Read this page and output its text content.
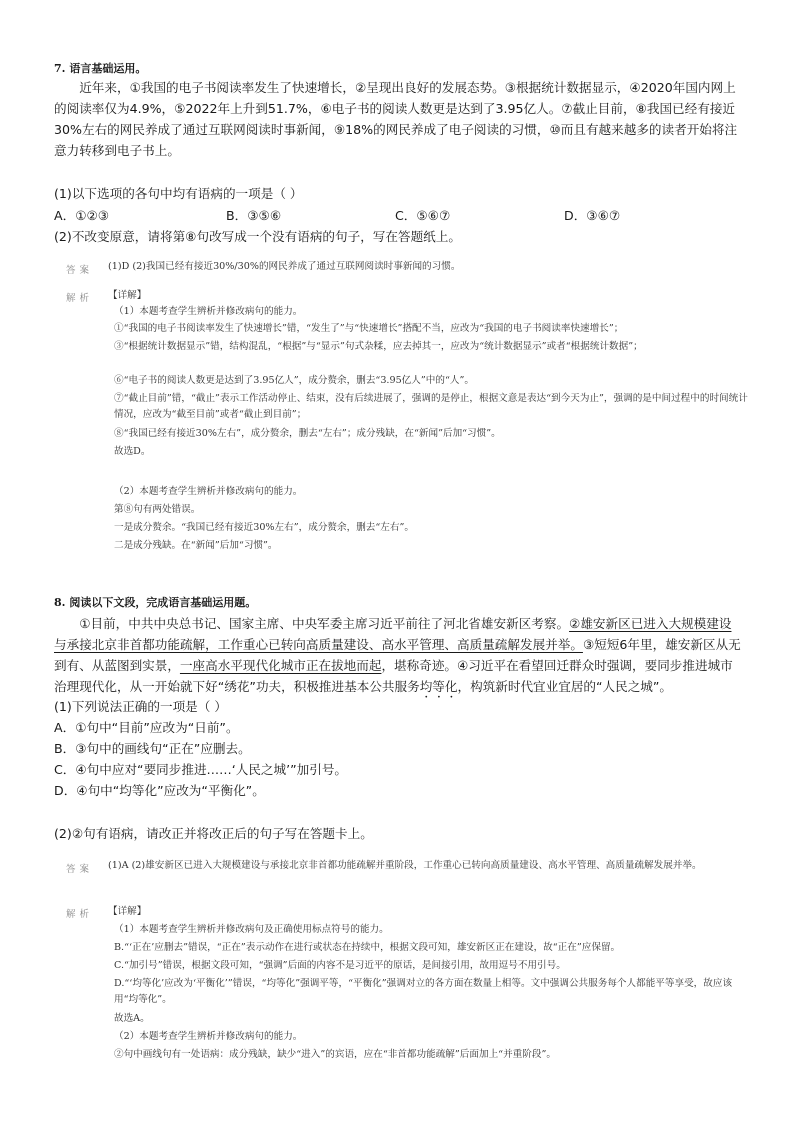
7. 语言基础运用。

近年来，①我国的电子书阅读率发生了快速增长，②呈现出良好的发展态势。③根据统计数据显示，④2020年国内网上的阅读率仅为4.9%，⑤2022年上升到51.7%，⑥电子书的阅读人数更是达到了3.95亿人。⑦截止目前，⑧我国已经有接近30%左右的网民养成了通过互联网阅读时事新闻，⑨18%的网民养成了电子阅读的习惯，⑩而且有越来越多的读者开始将注意力转移到电子书上。

(1)以下选项的各句中均有语病的一项是（ ）
A．①②③	B．③⑤⑥	C．⑤⑥⑦	D．③⑥⑦
(2)不改变原意，请将第⑧句改写成一个没有语病的句子，写在答题纸上。
答案 (1)D (2)我国已经有接近30%/30%的网民养成了通过互联网阅读时事新闻的习惯。
解析 【详解】

（1）本题考查学生辨析并修改病句的能力。

①“我国的电子书阅读率发生了快速增长”错，“发生了”与“快速增长”搭配不当，应改为“我国的电子书阅读率快速增长”；

③“根据统计数据显示”错，结构混乱，“根据”与“显示”句式杂糅，应去掉其一，应改为“统计数据显示”或者“根据统计数据”；

⑥“电子书的阅读人数更是达到了3.95亿人”，成分赘余，删去“3.95亿人”中的“人”。

⑦“截止目前”错，“截止”表示工作活动停止、结束，没有后续进展了，强调的是停止，根据文意是表达“到今天为止”，强调的是中间过程中的时间统计情况，应改为“截至目前”或者“截止到目前”；

⑧“我国已经有接近30%左右”，成分赘余，删去“左右”；成分残缺，在“新闻”后加“习惯”。

故选D。

（2）本题考查学生辨析并修改病句的能力。

第⑧句有两处错误。

一是成分赘余。“我国已经有接近30%左右”，成分赘余，删去“左右”。

二是成分残缺。在“新闻”后加“习惯”。

8. 阅读以下文段，完成语言基础运用题。

①目前，中共中央总书记、国家主席、中央军委主席习近平前往了河北省雄安新区考察。②雄安新区已进入大规模建设与承接北京非首都功能疏解，工作重心已转向高质量建设、高水平管理、高质量疏解发展并举。③短短6年里，雄安新区从无到有、从蓝图到实景，一座高水平现代化城市正在拔地而起，堪称奇迹。④习近平在看望回迁群众时强调，要同步推进城市治理现代化，从一开始就下好“绣花”功夫，积极推进基本公共服务均等化，构筑新时代宜业宜居的“人民之城”。

(1)下列说法正确的一项是（ ）
A．①句中“目前”应改为“日前”。
B．③句中的画线句“正在”应删去。
C．④句中应对“要同步推进……‘人民之城’”加引号。
D．④句中“均等化”应改为“平衡化”。
(2)②句有语病，请改正并将改正后的句子写在答题卡上。
答案 (1)A (2)雄安新区已进入大规模建设与承接北京非首都功能疏解并重阶段，工作重心已转向高质量建设、高水平管理、高质量疏解发展并举。
解析 【详解】

（1）本题考查学生辨析并修改病句及正确使用标点符号的能力。

B.“‘正在’应删去”错误，“正在”表示动作在进行或状态在持续中，根据文段可知，雄安新区正在建设，故“正在”应保留。

C.“加引号”错误，根据文段可知，“强调”后面的内容不是习近平的原话，是间接引用，故用逗号不用引号。

D.“‘均等化’应改为‘平衡化’”错误，“均等化”强调平等，“平衡化”强调对立的各方面在数量上相等。文中强调公共服务每个人都能平等享受，故应该用“均等化”。

故选A。

（2）本题考查学生辨析并修改病句的能力。

②句中画线句有一处语病：成分残缺，缺少“进入”的宾语，应在“非首都功能疏解”后面加上“并重阶段”。
